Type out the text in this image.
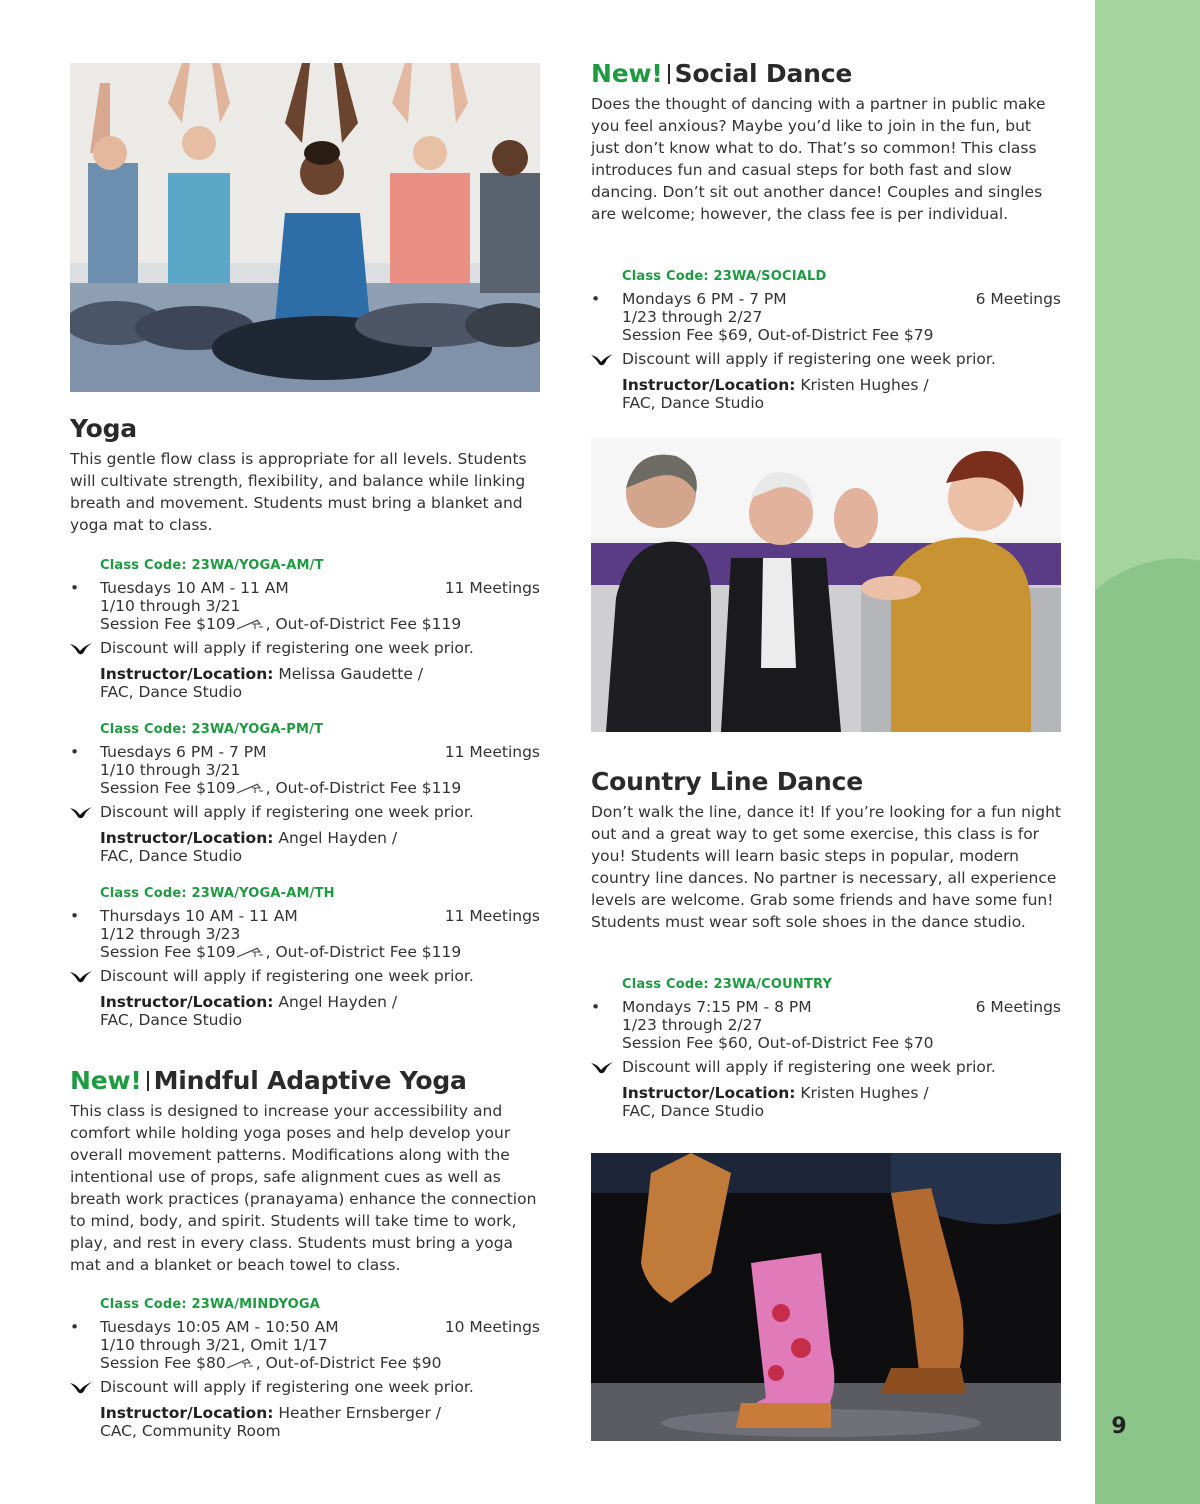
9
Yoga

This gentle flow class is appropriate for all levels. Students will cultivate strength, flexibility, and balance while linking breath and movement. Students must bring a blanket and yoga mat to class.

Class Code: 23WA/YOGA-AM/T
•	Tuesdays 10 AM - 11 AM	11 Meetings
1/10 through 3/21
Session Fee $109 , Out-of-District Fee $119
Discount will apply if registering one week prior.
Instructor/Location: Melissa Gaudette /
FAC, Dance Studio
Class Code: 23WA/YOGA-PM/T
•	Tuesdays 6 PM - 7 PM	11 Meetings
1/10 through 3/21
Session Fee $109 , Out-of-District Fee $119
Discount will apply if registering one week prior.
Instructor/Location: Angel Hayden /
FAC, Dance Studio
Class Code: 23WA/YOGA-AM/TH
•	Thursdays 10 AM - 11 AM	11 Meetings
1/12 through 3/23
Session Fee $109 , Out-of-District Fee $119
Discount will apply if registering one week prior.
Instructor/Location: Angel Hayden /
FAC, Dance Studio
New! Mindful Adaptive Yoga

This class is designed to increase your accessibility and comfort while holding yoga poses and help develop your overall movement patterns. Modifications along with the intentional use of props, safe alignment cues as well as breath work practices (pranayama) enhance the connection to mind, body, and spirit. Students will take time to work, play, and rest in every class. Students must bring a yoga mat and a blanket or beach towel to class.

Class Code: 23WA/MINDYOGA
•	Tuesdays 10:05 AM - 10:50 AM	10 Meetings
1/10 through 3/21, Omit 1/17
Session Fee $80 , Out-of-District Fee $90
Discount will apply if registering one week prior.
Instructor/Location: Heather Ernsberger /
CAC, Community Room
New! Social Dance

Does the thought of dancing with a partner in public make you feel anxious? Maybe you’d like to join in the fun, but just don’t know what to do. That’s so common! This class introduces fun and casual steps for both fast and slow dancing. Don’t sit out another dance! Couples and singles are welcome; however, the class fee is per individual.

Class Code: 23WA/SOCIALD
•	Mondays 6 PM - 7 PM	6 Meetings
1/23 through 2/27
Session Fee $69, Out-of-District Fee $79
Discount will apply if registering one week prior.
Instructor/Location: Kristen Hughes /
FAC, Dance Studio
Country Line Dance

Don’t walk the line, dance it! If you’re looking for a fun night out and a great way to get some exercise, this class is for you! Students will learn basic steps in popular, modern country line dances. No partner is necessary, all experience levels are welcome. Grab some friends and have some fun! Students must wear soft sole shoes in the dance studio.

Class Code: 23WA/COUNTRY
•	Mondays 7:15 PM - 8 PM	6 Meetings
1/23 through 2/27
Session Fee $60, Out-of-District Fee $70
Discount will apply if registering one week prior.
Instructor/Location: Kristen Hughes /
FAC, Dance Studio
